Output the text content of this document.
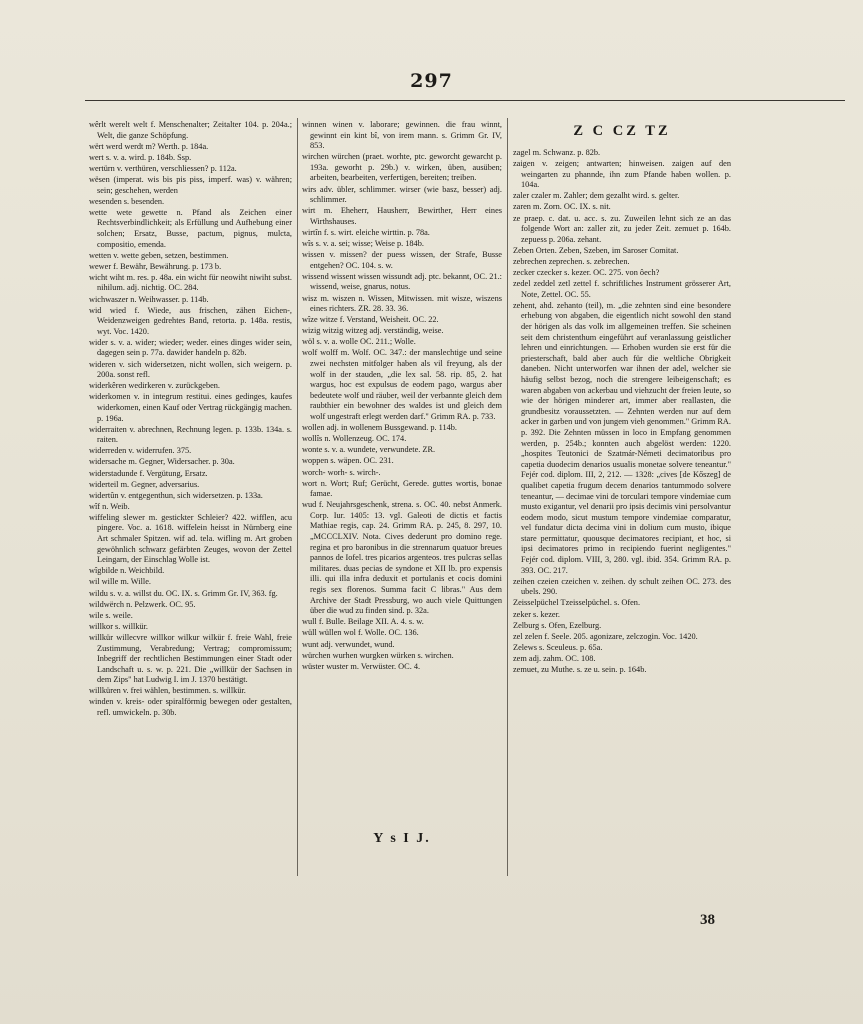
297

wêrlt werelt welt f. Menschenalter; Zeitalter 104. p. 204a.; Welt, die ganze Schöpfung.

wërt werd werdt m? Werth. p. 184a.

wert s. v. a. wird. p. 184b. Ssp.

wertürn v. verthüren, verschliessen? p. 112a.

wësen (imperat. wis bis pis piss, imperf. was) v. währen; sein; geschehen, werden

wesenden s. besenden.

wette wete gewette n. Pfand als Zeichen einer Rechtsverbindlichkeit; als Erfüllung und Aufhebung einer solchen; Ersatz, Busse, pactum, pignus, mulcta, compositio, emenda.

wetten v. wette geben, setzen, bestimmen.

wewer f. Bewähr, Bewährung. p. 173 b.

wicht wiht m. res. p. 48a. ein wicht für neowiht niwiht subst. nihilum. adj. nichtig. OC. 284.

wichwaszer n. Weihwasser. p. 114b.

wid wied f. Wiede, aus frischen, zähen Eichen-, Weidenzweigen gedrehtes Band, retorta. p. 148a. restis, wyt. Voc. 1420.

wider s. v. a. wider; wieder; weder. eines dinges wider sein, dagegen sein p. 77a. dawider handeln p. 82b.

wideren v. sich widersetzen, nicht wollen, sich weigern. p. 200a. sonst refl.

widerkêren wedirkeren v. zurückgeben.

widerkomen v. in integrum restitui. eines gedinges, kaufes widerkomen, einen Kauf oder Vertrag rückgängig machen. p. 196a.

widerraiten v. abrechnen, Rechnung legen. p. 133b. 134a. s. raiten.

widerreden v. widerrufen. 375.

widersache m. Gegner, Widersacher. p. 30a.

widerstadunde f. Vergütung, Ersatz.

widerteil m. Gegner, adversarius.

widertûn v. entgegenthun, sich widersetzen. p. 133a.

wîf n. Weib.

wiffeling slewer m. gestickter Schleier? 422. wifflen, acu pingere. Voc. a. 1618. wiffelein heisst in Nürnberg eine Art schmaler Spitzen. wif ad. tela. wifling m. Art groben gewöhnlich schwarz gefärbten Zeuges, wovon der Zettel Leingarn, der Einschlag Wolle ist.

wîgbilde n. Weichbild.

wil wille m. Wille.

wildu s. v. a. willst du. OC. IX. s. Grimm Gr. IV, 363. fg.

wildwërch n. Pelzwerk. OC. 95.

wile s. weile.

willkor s. willkür.

willkür willecvre willkor wilkur wilkür f. freie Wahl, freie Zustimmung, Verabredung; Vertrag; compromissum; Inbegriff der rechtlichen Bestimmungen einer Stadt oder Landschaft u. s. w. p. 221. Die „willkür der Sachsen in dem Zips" hat Ludwig I. im J. 1370 bestätigt.

willküren v. frei wählen, bestimmen. s. willkür.

winden v. kreis- oder spiralförmig bewegen oder gestalten, refl. umwickeln. p. 30b.

winnen winen v. laborare; gewinnen. die frau winnt, gewinnt ein kint bî, von irem mann. s. Grimm Gr. IV, 853.

wirchen würchen (praet. worhte, ptc. geworcht gewarcht p. 193a. geworht p. 29b.) v. wirken, üben, ausüben; arbeiten, bearbeiten, verfertigen, bereiten; treiben.

wirs adv. übler, schlimmer. wirser (wie basz, besser) adj. schlimmer.

wirt m. Eheherr, Hausherr, Bewirther, Herr eines Wirthshauses.

wirtîn f. s. wirt. eleiche wirttin. p. 78a.

wîs s. v. a. sei; wisse; Weise p. 184b.

wissen v. missen? der puess wissen, der Strafe, Busse entgehen? OC. 104. s. w.

wissend wissent wissen wissundt adj. ptc. bekannt, OC. 21.: wissend, weise, gnarus, notus.

wisz m. wiszen n. Wissen, Mitwissen. mit wisze, wiszens eines richters. ZR. 28. 33. 36.

wîze witze f. Verstand, Weisheit. OC. 22.

wizig witzig witzeg adj. verständig, weise.

wöl s. v. a. wolle OC. 211.; Wolle.

wolf wolff m. Wolf. OC. 347.: der manslechtige und seine zwei nechsten mitfolger haben als vil freyung, als der wolf in der stauden, „die lex sal. 58. rip. 85, 2. hat wargus, hoc est expulsus de eodem pago, wargus aber bedeutete wolf und räuber, weil der verbannte gleich dem raubthier ein bewohner des waldes ist und gleich dem wolf ungestraft erlegt werden darf." Grimm RA. p. 733.

wollen adj. in wollenem Bussgewand. p. 114b.

wollîs n. Wollenzeug. OC. 174.

wonte s. v. a. wundete, verwundete. ZR.

woppen s. wäpen. OC. 231.

worch- worh- s. wirch-.

wort n. Wort; Ruf; Gerücht, Gerede. guttes wortis, bonae famae.

wud f. Neujahrsgeschenk, strena. s. OC. 40. nebst Anmerk. Corp. Iur. 1405: 13. vgl. Galeoti de dictis et factis Mathiae regis, cap. 24. Grimm RA. p. 245, 8. 297, 10. „MCCCLXIV. Nota. Cives dederunt pro domino rege. regina et pro baronibus in die strennarum quatuor breues pannos de Iofel. tres picarios argenteos. tres pulcras sellas militares. duas pecias de syndone et XII lb. pro expensis illi. qui illa infra deduxit et portulanis et cocis domini regis sex florenos. Summa facit C libras." Aus dem Archive der Stadt Pressburg, wo auch viele Quittungen über die wud zu finden sind. p. 32a.

wull f. Bulle. Beilage XII. A. 4. s. w.

wüll wüllen wol f. Wolle. OC. 136.

wunt adj. verwundet, wund.

würchen wurhen wurgken würken s. wirchen.

wüster wuster m. Verwüster. OC. 4.

Z C CZ TZ

zagel m. Schwanz. p. 82b.

zaigen v. zeigen; antwarten; hinweisen. zaigen auf den weingarten zu phannde, ihn zum Pfande haben wollen. p. 104a.

zaler czaler m. Zahler; dem gezalht wird. s. gelter.

zaren m. Zorn. OC. IX. s. nit.

ze praep. c. dat. u. acc. s. zu. Zuweilen lehnt sich ze an das folgende Wort an: zaller zit, zu jeder Zeit. zemuet p. 164b. zepuess p. 206a. zehant.

Zeben Orten. Zeben, Szeben, im Saroser Comitat.

zebrechen zeprechen. s. zebrechen.

zecker czecker s. kezer. OC. 275. von ôech?

zedel zeddel zetl zettel f. schriftliches Instrument grösserer Art, Note, Zettel. OC. 55.

zehent, ahd. zehanto (teil), m. „die zehnten sind eine besondere erhebung von abgaben, die eigentlich nicht sowohl den stand der hörigen als das volk im allgemeinen treffen. Sie scheinen seit dem christenthum eingeführt auf veranlassung geistlicher lehren und einrichtungen. — Erhoben wurden sie erst für die priesterschaft, bald aber auch für die weltliche Obrigkeit daneben. Nicht unterworfen war ihnen der adel, welcher sie häufig selbst bezog, noch die strengere leibeigenschaft; es waren abgaben von ackerbau und viehzucht der freien leute, so wie der hörigen minderer art, immer aber reallasten, die grundbesitz voraussetzten. — Zehnten werden nur auf dem acker in garben und von jungem vieh genommen." Grimm RA. p. 392. Die Zehnten müssen in loco in Empfang genommen werden, p. 254b.; konnten auch abgelöst werden: 1220. „hospites Teutonici de Szatmár-Németi decimatoribus pro capetia duodecim denarios usualis monetae solvere teneantur." Fejér cod. diplom. III, 2, 212. — 1328: „cives [de Kőszeg] de qualibet capetia frugum decem denarios tantummodo solvere teneantur, — decimae vini de torculari tempore vindemiae cum musto exigantur, vel denarii pro ipsis decimis vini persolvantur eodem modo, sicut mustum tempore vindemiae comparatur, vel fundatur dicta decima vini in dolium cum musto, ibique stare permittatur, quousque decimatores recipiant, et hoc, si ipsi decimatores primo in recipiendo fuerint negligentes." Fejér cod. diplom. VIII, 3, 280. vgl. ibid. 354. Grimm RA. p. 393. OC. 217.

zeihen czeien czeichen v. zeihen. dy schult zeihen OC. 273. des ubels. 290.

Zeisselpüchel Tzeisselpüchel. s. Ofen.

zeker s. kezer.

Zelburg s. Ofen, Ezelburg.

zel zelen f. Seele. 205. agonizare, zelczogin. Voc. 1420.

Zelews s. Sceuleus. p. 65a.

zem adj. zahm. OC. 108.

zemuet, zu Muthe. s. ze u. sein. p. 164b.

Y s I J.
38
